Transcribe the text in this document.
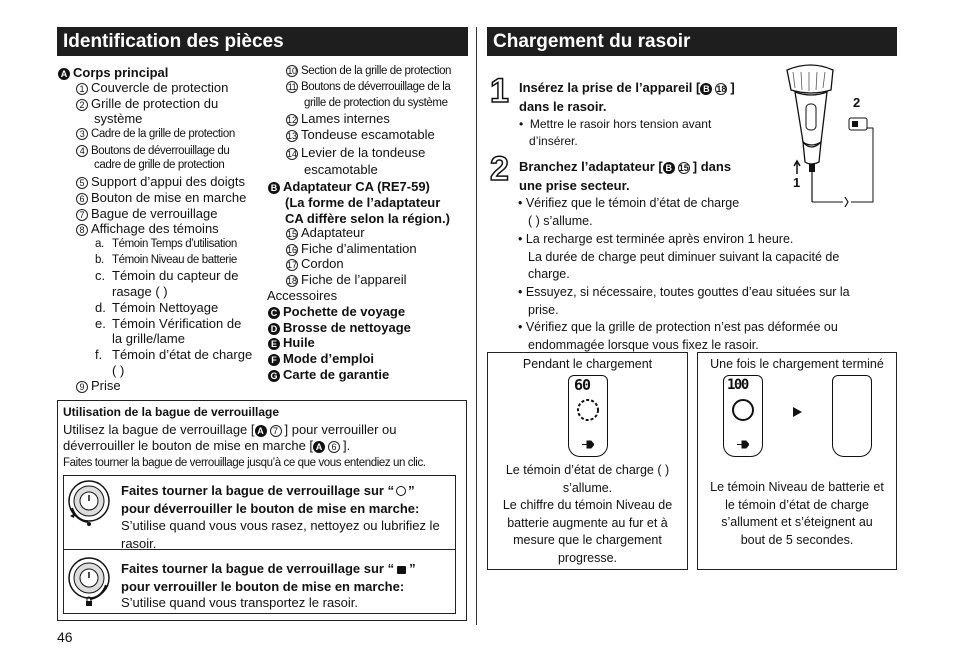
Identification des pièces
A Corps principal
1 Couvercle de protection
2 Grille de protection du
système
3 Cadre de la grille de protection
4 Boutons de déverrouillage du
cadre de grille de protection
5 Support d’appui des doigts
6 Bouton de mise en marche
7 Bague de verrouillage
8 Affichage des témoins
a. Témoin Temps d’utilisation
b. Témoin Niveau de batterie
c. Témoin du capteur de
rasage ( )
d. Témoin Nettoyage
e. Témoin Vérification de
la grille/lame
f. Témoin d’état de charge
( )
9 Prise
10 Section de la grille de protection
11 Boutons de déverrouillage de la
grille de protection du système
12 Lames internes
13 Tondeuse escamotable
14 Levier de la tondeuse
escamotable
B Adaptateur CA (RE7-59)
(La forme de l’adaptateur
CA diffère selon la région.)
15 Adaptateur
16 Fiche d’alimentation
17 Cordon
18 Fiche de l’appareil
Accessoires
C Pochette de voyage
D Brosse de nettoyage
E Huile
F Mode d’emploi
G Carte de garantie
Utilisation de la bague de verrouillage
Utilisez la bague de verrouillage [ A 7 ] pour verrouiller ou
déverrouiller le bouton de mise en marche [ A 6 ].
Faites tourner la bague de verrouillage jusqu’à ce que vous entendiez un clic.
Faites tourner la bague de verrouillage sur “ ”
pour déverrouiller le bouton de mise en marche:
S’utilise quand vous vous rasez, nettoyez ou lubrifiez le
rasoir.
Faites tourner la bague de verrouillage sur “ ”
pour verrouiller le bouton de mise en marche:
S’utilise quand vous transportez le rasoir.
46
Chargement du rasoir
1 Insérez la prise de l’appareil [ B 18 ]
dans le rasoir.
•  Mettre le rasoir hors tension avant
d’insérer.
2 Branchez l’adaptateur [ B 15 ] dans
une prise secteur.
• Vérifiez que le témoin d’état de charge
( ) s’allume.
• La recharge est terminée après environ 1 heure.
La durée de charge peut diminuer suivant la capacité de
charge.
• Essuyez, si nécessaire, toutes gouttes d’eau situées sur la
prise.
• Vérifiez que la grille de protection n’est pas déformée ou
endommagée lorsque vous fixez le rasoir.
2
1
Pendant le chargement
60
Le témoin d’état de charge ( )
s’allume.
Le chiffre du témoin Niveau de
batterie augmente au fur et à
mesure que le chargement
progresse.
Une fois le chargement terminé
100
Le témoin Niveau de batterie et
le témoin d’état de charge
s’allument et s’éteignent au
bout de 5 secondes.
